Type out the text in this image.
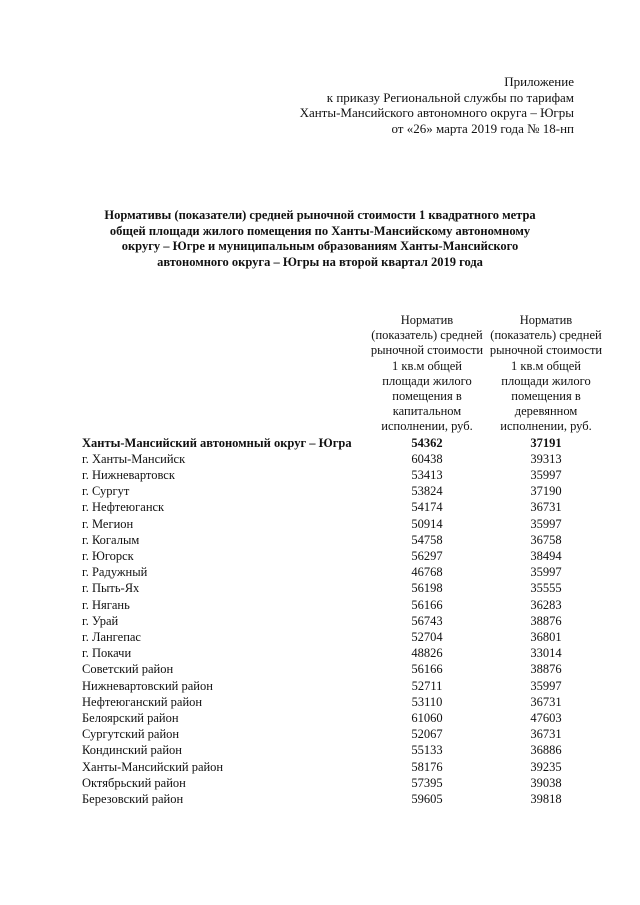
Приложение
к приказу Региональной службы по тарифам
Ханты-Мансийского автономного округа – Югры
от «26» марта 2019 года № 18-нп
Нормативы (показатели) средней рыночной стоимости 1 квадратного метра общей площади жилого помещения по Ханты-Мансийскому автономному округу – Югре и муниципальным образованиям Ханты-Мансийского автономного округа – Югры на второй квартал 2019 года
	Норматив (показатель) средней рыночной стоимости 1 кв.м общей площади жилого помещения в капитальном исполнении, руб.	Норматив (показатель) средней рыночной стоимости 1 кв.м общей площади жилого помещения в деревянном исполнении, руб.
Ханты-Мансийский автономный округ – Югра	54362	37191
г. Ханты-Мансийск	60438	39313
г. Нижневартовск	53413	35997
г. Сургут	53824	37190
г. Нефтеюганск	54174	36731
г. Мегион	50914	35997
г. Когалым	54758	36758
г. Югорск	56297	38494
г. Радужный	46768	35997
г. Пыть-Ях	56198	35555
г. Нягань	56166	36283
г. Урай	56743	38876
г. Лангепас	52704	36801
г. Покачи	48826	33014
Советский район	56166	38876
Нижневартовский район	52711	35997
Нефтеюганский район	53110	36731
Белоярский район	61060	47603
Сургутский район	52067	36731
Кондинский район	55133	36886
Ханты-Мансийский район	58176	39235
Октябрьский район	57395	39038
Березовский район	59605	39818
